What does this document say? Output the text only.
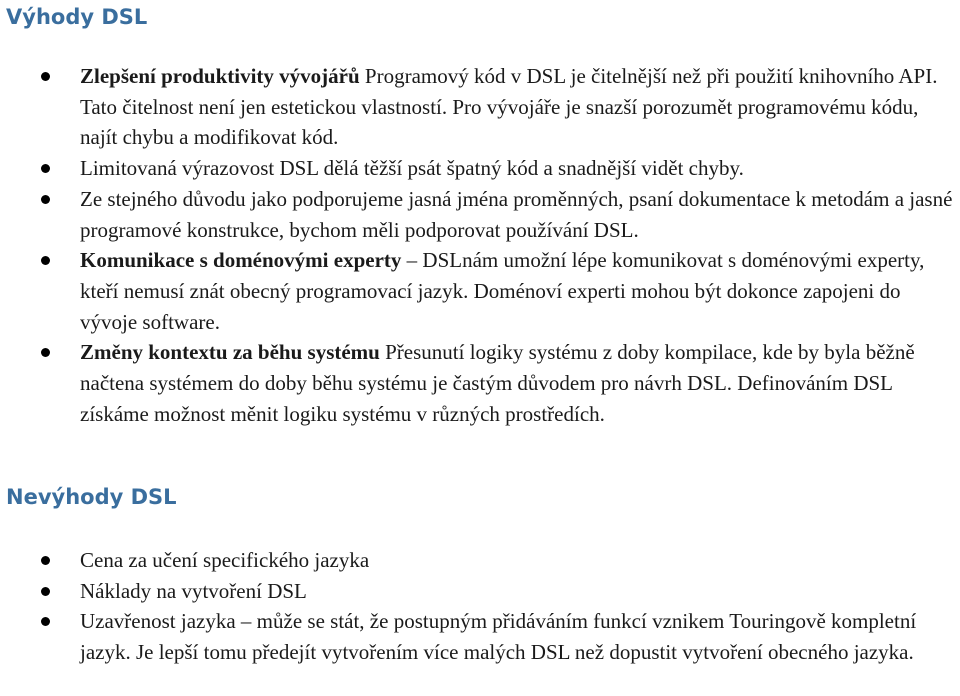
Výhody DSL
Zlepšení produktivity vývojářů Programový kód v DSL je čitelnější než při použití knihovního API. Tato čitelnost není jen estetickou vlastností. Pro vývojáře je snazší porozumět programovému kódu, najít chybu a modifikovat kód.
Limitovaná výrazovost DSL dělá těžší psát špatný kód a snadnější vidět chyby.
Ze stejného důvodu jako podporujeme jasná jména proměnných, psaní dokumentace k metodám a jasné programové konstrukce, bychom měli podporovat používání DSL.
Komunikace s doménovými experty – DSLnám umožní lépe komunikovat s doménovými experty, kteří nemusí znát obecný programovací jazyk. Doménoví experti mohou být dokonce zapojeni do vývoje software.
Změny kontextu za běhu systému Přesunutí logiky systému z doby kompilace, kde by byla běžně načtena systémem do doby běhu systému je častým důvodem pro návrh DSL. Definováním DSL získáme možnost měnit logiku systému v různých prostředích.
Nevýhody DSL
Cena za učení specifického jazyka
Náklady na vytvoření DSL
Uzavřenost jazyka – může se stát, že postupným přidáváním funkcí vznikem Touringově kompletní jazyk. Je lepší tomu předejít vytvořením více malých DSL než dopustit vytvoření obecného jazyka.
